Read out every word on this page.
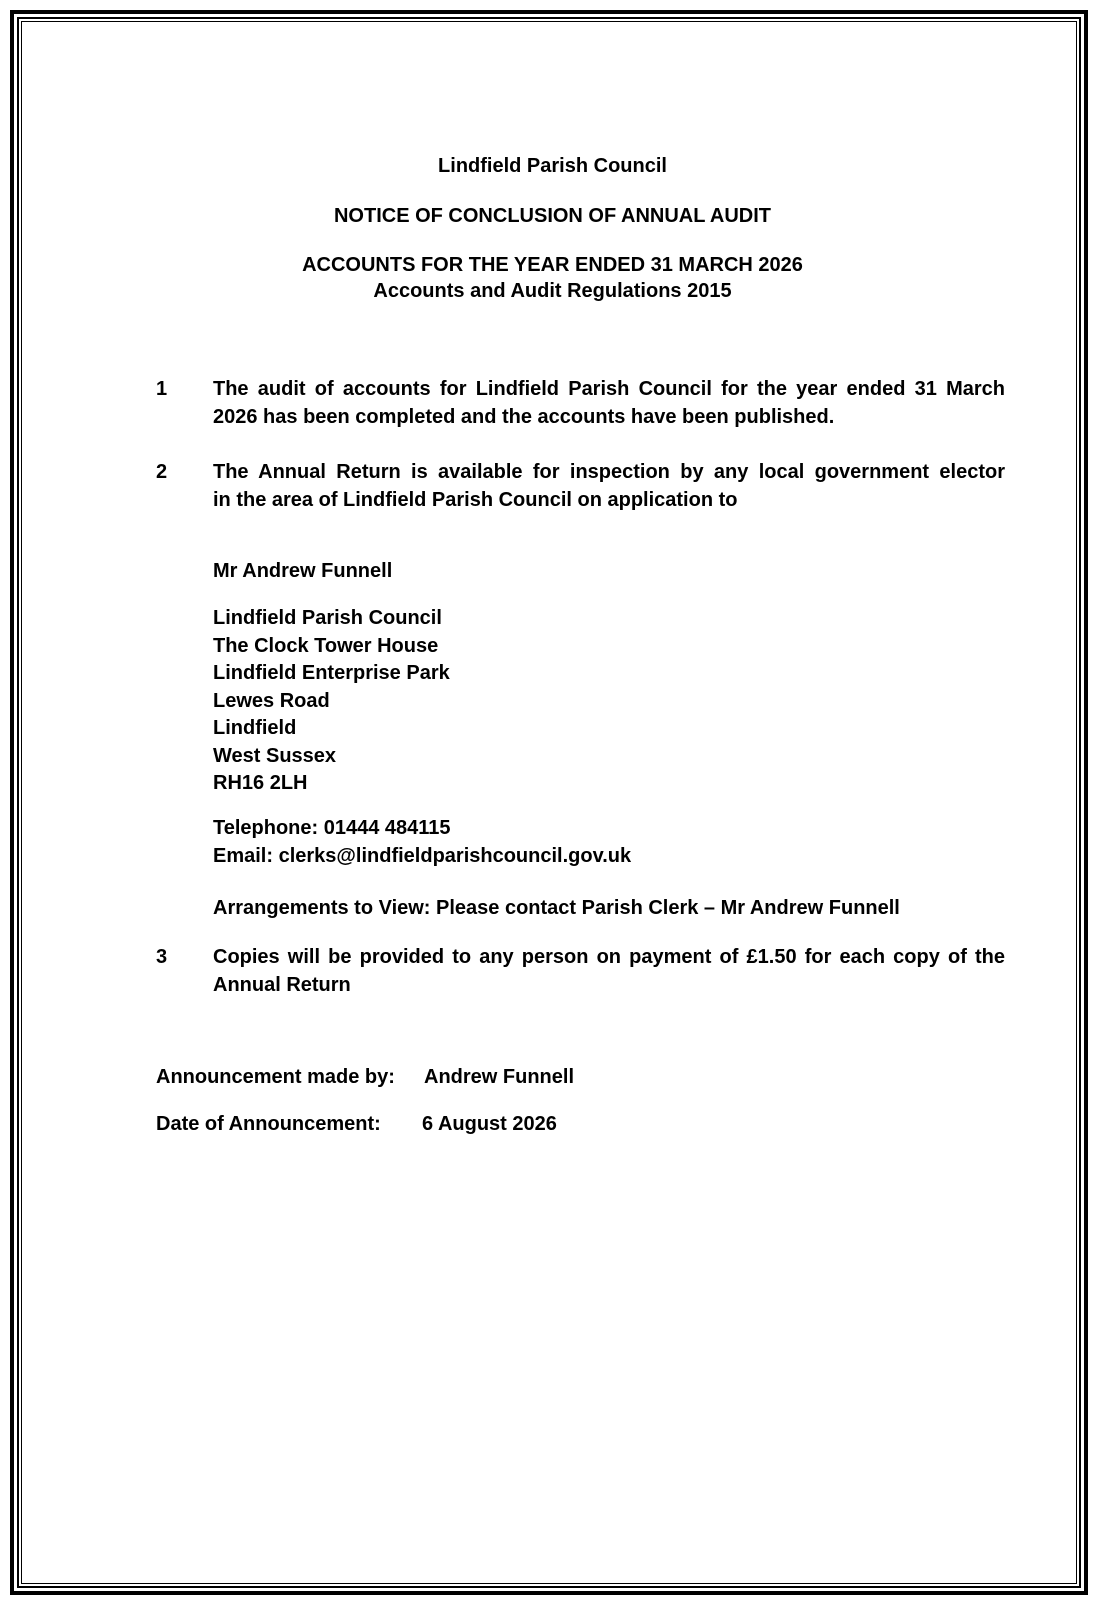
Lindfield Parish Council
NOTICE OF CONCLUSION OF ANNUAL AUDIT
ACCOUNTS FOR THE YEAR ENDED 31 MARCH 2026
Accounts and Audit Regulations 2015
1 The audit of accounts for Lindfield Parish Council for the year ended 31 March
2026 has been completed and the accounts have been published.
2 The Annual Return is available for inspection by any local government elector
in the area of Lindfield Parish Council on application to
Mr Andrew Funnell
Lindfield Parish Council
The Clock Tower House
Lindfield Enterprise Park
Lewes Road
Lindfield
West Sussex
RH16 2LH
Telephone: 01444 484115
Email: clerks@lindfieldparishcouncil.gov.uk
Arrangements to View: Please contact Parish Clerk – Mr Andrew Funnell
3 Copies will be provided to any person on payment of £1.50 for each copy of the
Annual Return
Announcement made by: Andrew Funnell
Date of Announcement: 6 August 2026
